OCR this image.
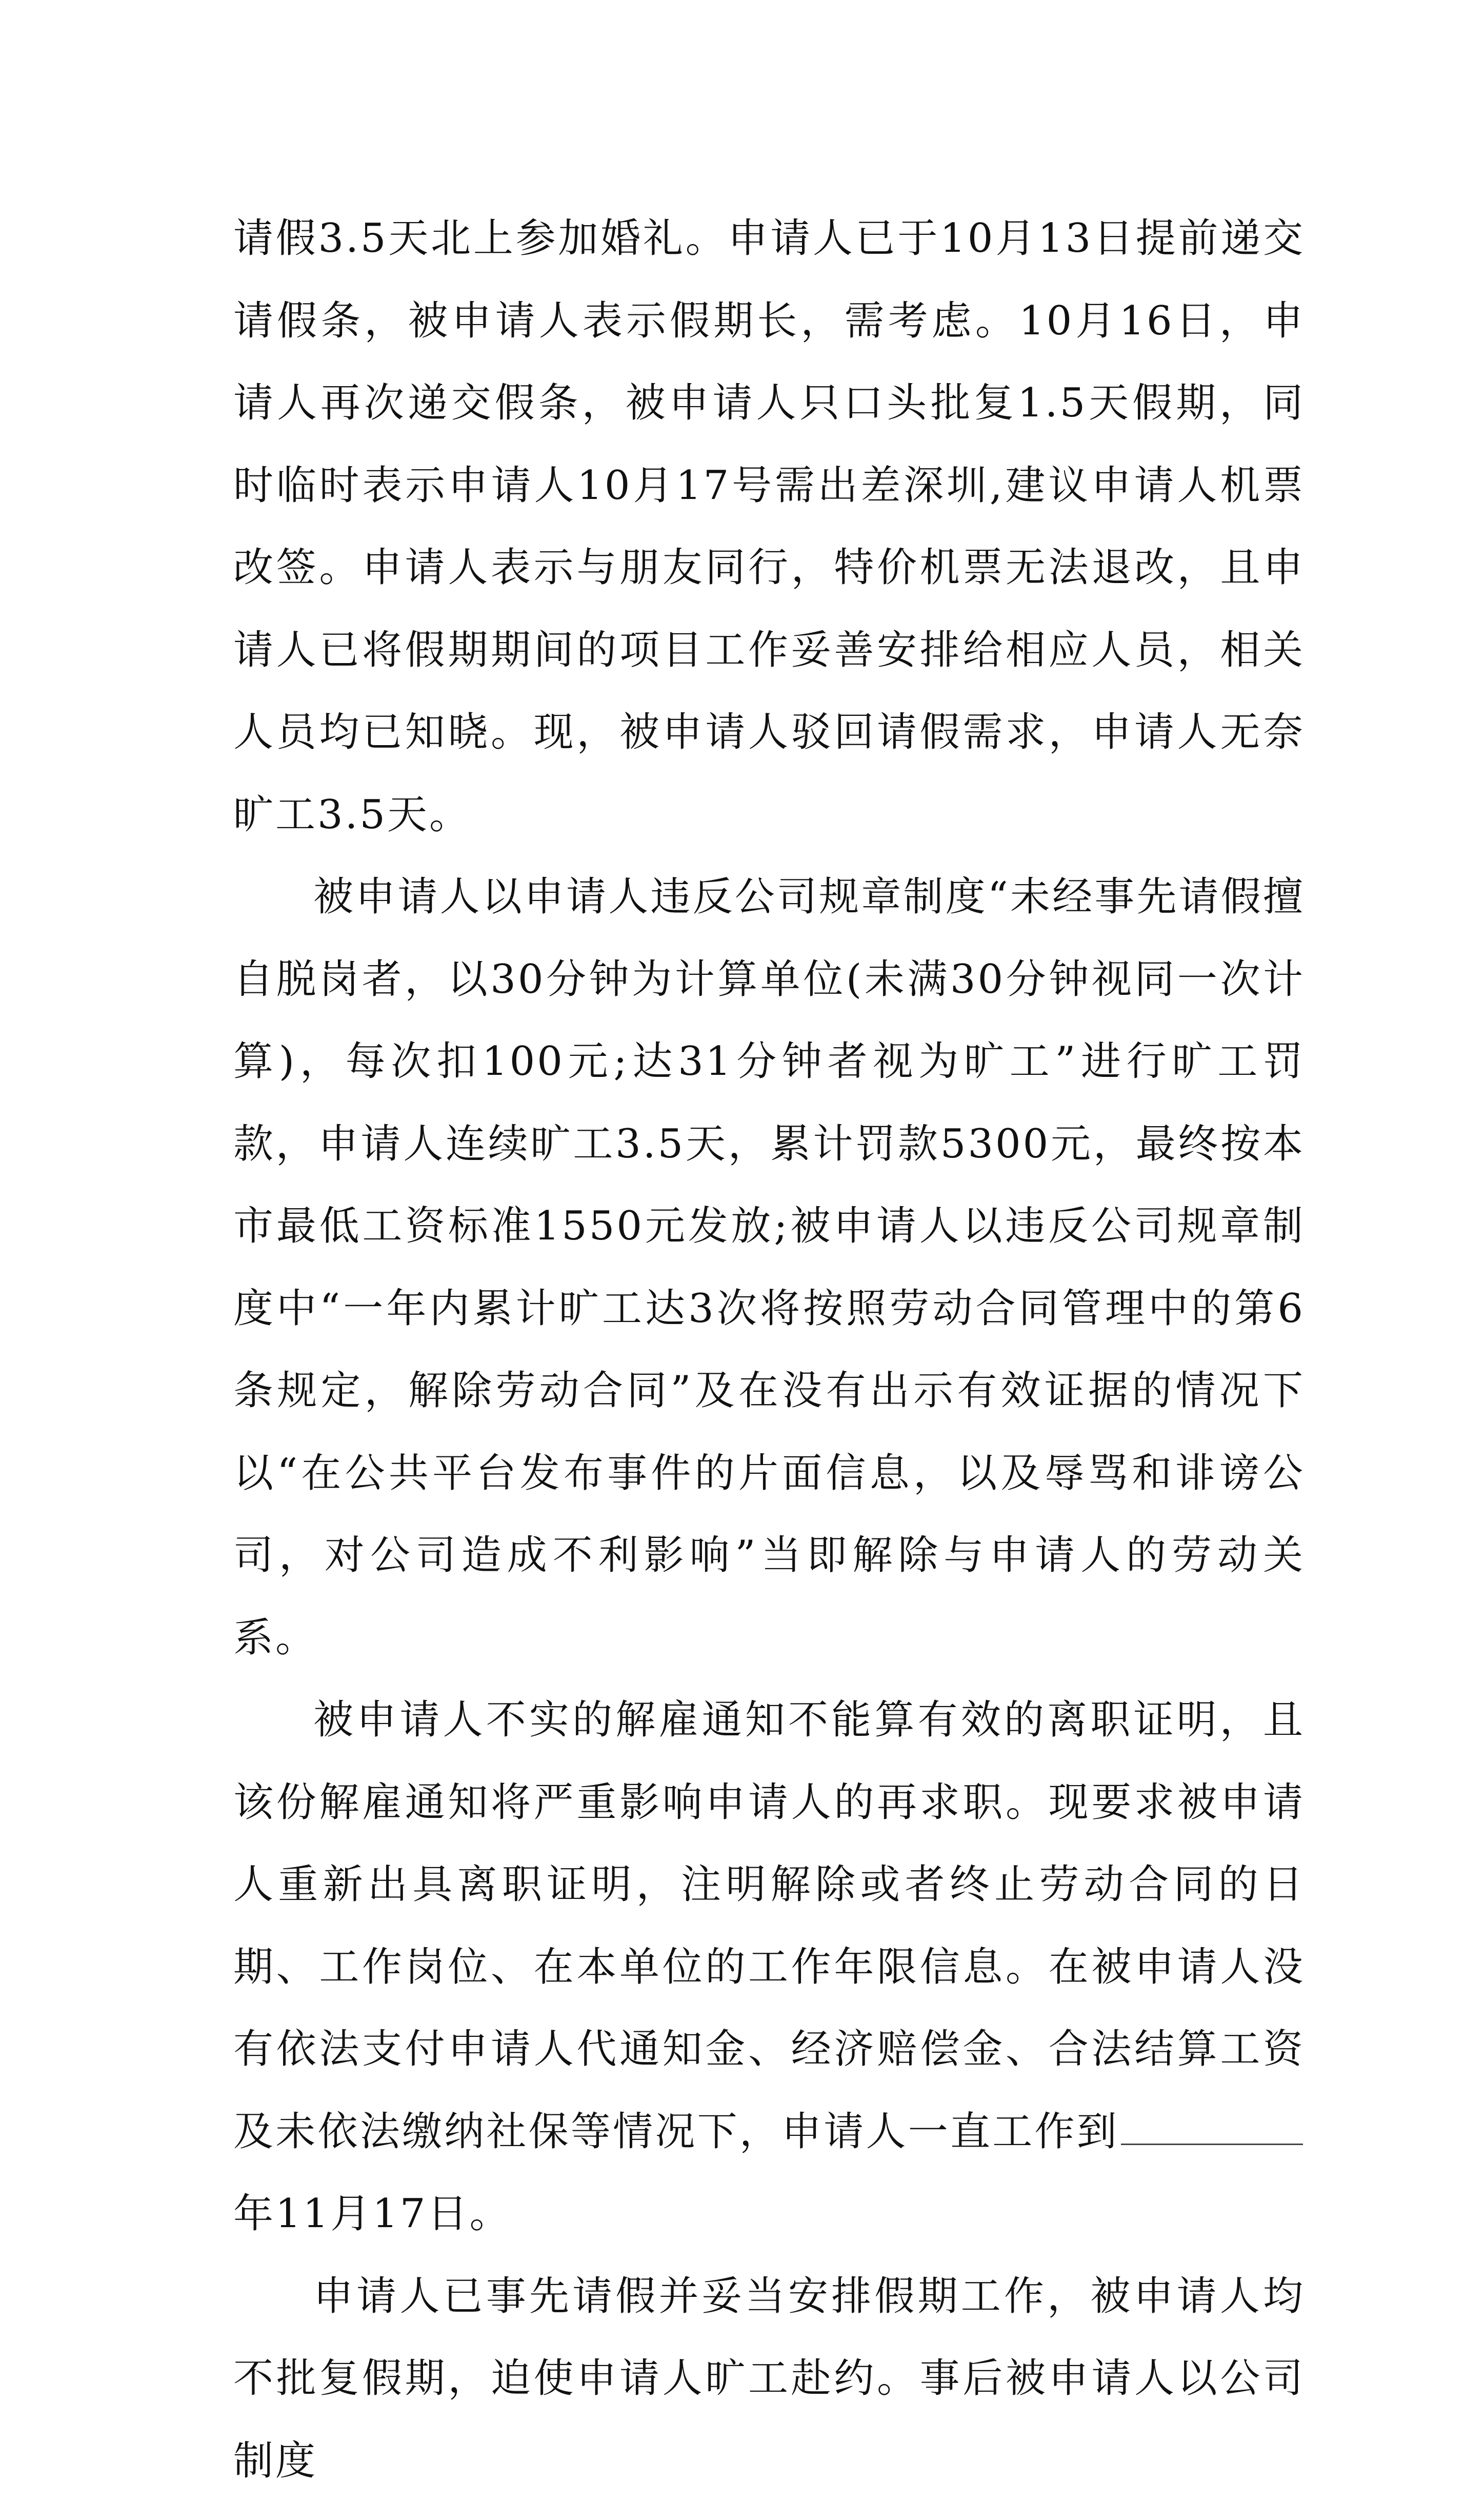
请假3.5天北上参加婚礼。申请人已于10月13日提前递交请假条，被申请人表示假期长，需考虑。10月16日，申请人再次递交假条，被申请人只口头批复1.5天假期，同时临时表示申请人10月17号需出差深圳,建议申请人机票改签。申请人表示与朋友同行，特价机票无法退改，且申请人已将假期期间的项目工作妥善安排给相应人员，相关人员均已知晓。现，被申请人驳回请假需求，申请人无奈旷工3.5天。

被申请人以申请人违反公司规章制度“未经事先请假擅自脱岗者，以30分钟为计算单位(未满30分钟视同一次计算)，每次扣100元;达31分钟者视为旷工”进行旷工罚款，申请人连续旷工3.5天，累计罚款5300元，最终按本市最低工资标准1550元发放;被申请人以违反公司规章制度中“一年内累计旷工达3次将按照劳动合同管理中的第6条规定，解除劳动合同”及在没有出示有效证据的情况下以“在公共平台发布事件的片面信息，以及辱骂和诽谤公司，对公司造成不利影响”当即解除与申请人的劳动关系。

被申请人不实的解雇通知不能算有效的离职证明，且该份解雇通知将严重影响申请人的再求职。现要求被申请人重新出具离职证明，注明解除或者终止劳动合同的日期、工作岗位、在本单位的工作年限信息。在被申请人没有依法支付申请人代通知金、经济赔偿金、合法结算工资及未依法缴纳社保等情况下，申请人一直工作到年11月17日。

申请人已事先请假并妥当安排假期工作，被申请人均不批复假期，迫使申请人旷工赴约。事后被申请人以公司制度
